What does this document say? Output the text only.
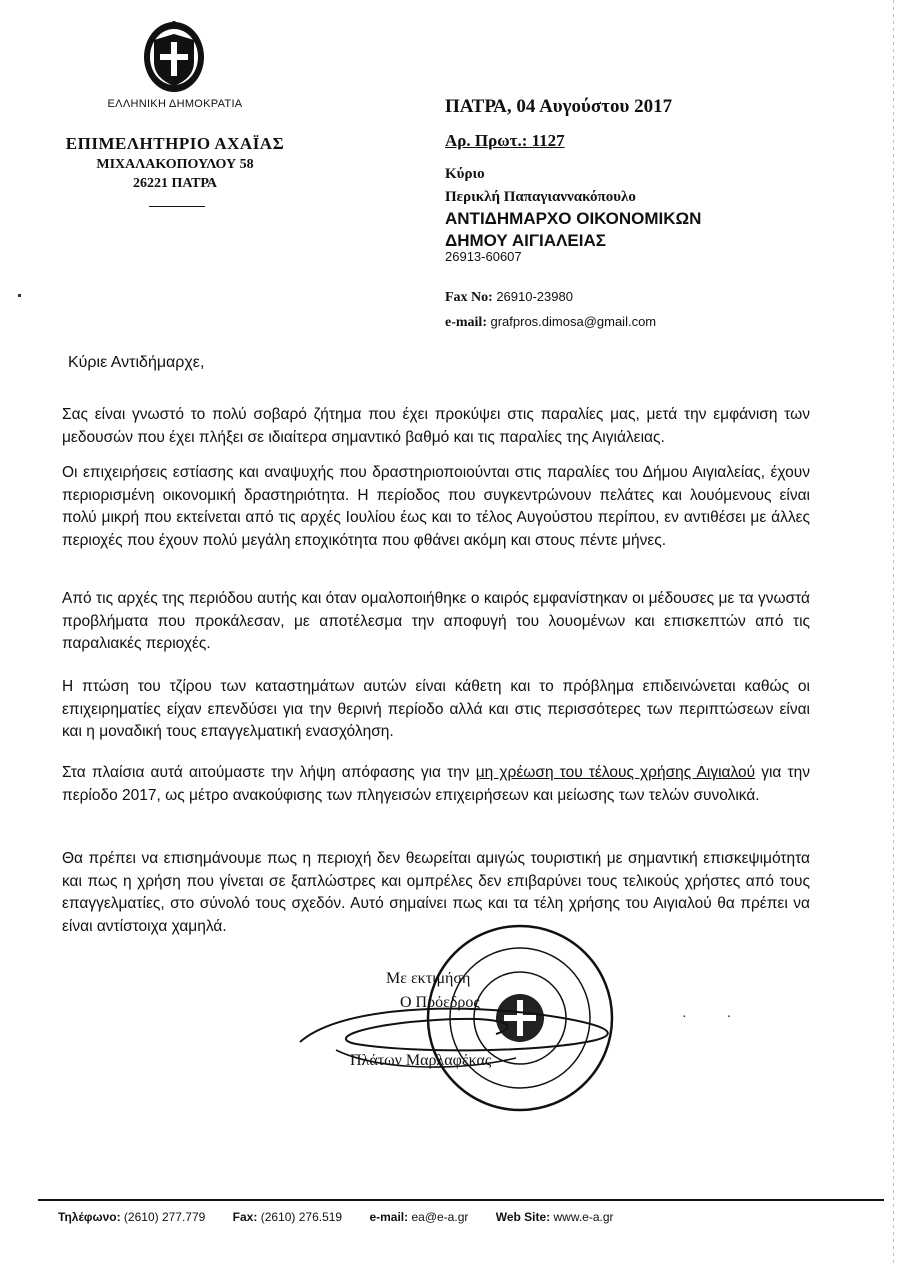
ΕΛΛΗΝΙΚΗ ΔΗΜΟΚΡΑΤΙΑ
ΕΠΙΜΕΛΗΤΗΡΙΟ ΑΧΑΪΑΣ
ΜΙΧΑΛΑΚΟΠΟΥΛΟΥ 58
26221 ΠΑΤΡΑ
ΠΑΤΡΑ, 04 Αυγούστου 2017
Αρ. Πρωτ.: 1127
Κύριο
Περικλή Παπαγιαννακόπουλο
ΑΝΤΙΔΗΜΑΡΧΟ ΟΙΚΟΝΟΜΙΚΩΝ
ΔΗΜΟΥ ΑΙΓΙΑΛΕΙΑΣ
26913-60607
Fax No: 26910-23980
e-mail: grafpros.dimosa@gmail.com
Κύριε Αντιδήμαρχε,

Σας είναι γνωστό το πολύ σοβαρό ζήτημα που έχει προκύψει στις παραλίες μας, μετά την εμφάνιση των μεδουσών που έχει πλήξει σε ιδιαίτερα σημαντικό βαθμό και τις παραλίες της Αιγιάλειας.

Οι επιχειρήσεις εστίασης και αναψυχής που δραστηριοποιούνται στις παραλίες του Δήμου Αιγιαλείας, έχουν περιορισμένη οικονομική δραστηριότητα. Η περίοδος που συγκεντρώνουν πελάτες και λουόμενους είναι πολύ μικρή που εκτείνεται από τις αρχές Ιουλίου έως και το τέλος Αυγούστου περίπου, εν αντιθέσει με άλλες περιοχές που έχουν πολύ μεγάλη εποχικότητα που φθάνει ακόμη και στους πέντε μήνες.

Από τις αρχές της περιόδου αυτής και όταν ομαλοποιήθηκε ο καιρός εμφανίστηκαν οι μέδουσες με τα γνωστά προβλήματα που προκάλεσαν, με αποτέλεσμα την αποφυγή του λουομένων και επισκεπτών από τις παραλιακές περιοχές.

Η πτώση του τζίρου των καταστημάτων αυτών είναι κάθετη και το πρόβλημα επιδεινώνεται καθώς οι επιχειρηματίες είχαν επενδύσει για την θερινή περίοδο αλλά και στις περισσότερες των περιπτώσεων είναι και η μοναδική τους επαγγελματική ενασχόληση.

Στα πλαίσια αυτά αιτούμαστε την λήψη απόφασης για την μη χρέωση του τέλους χρήσης Αιγιαλού για την περίοδο 2017, ως μέτρο ανακούφισης των πληγεισών επιχειρήσεων και μείωσης των τελών συνολικά.

Θα πρέπει να επισημάνουμε πως η περιοχή δεν θεωρείται αμιγώς τουριστική με σημαντική επισκεψιμότητα και πως η χρήση που γίνεται σε ξαπλώστρες και ομπρέλες δεν επιβαρύνει τους τελικούς χρήστες από τους επαγγελματίες, στο σύνολό τους σχεδόν. Αυτό σημαίνει πως και τα τέλη χρήσης του Αιγιαλού θα πρέπει να είναι αντίστοιχα χαμηλά.

Με εκτιμήση
Ο Πρόεδρος
Πλάτων Μαρλαφέκας
··
Τηλέφωνο: (2610) 277.779 Fax: (2610) 276.519 e-mail: ea@e-a.gr Web Site: www.e-a.gr
